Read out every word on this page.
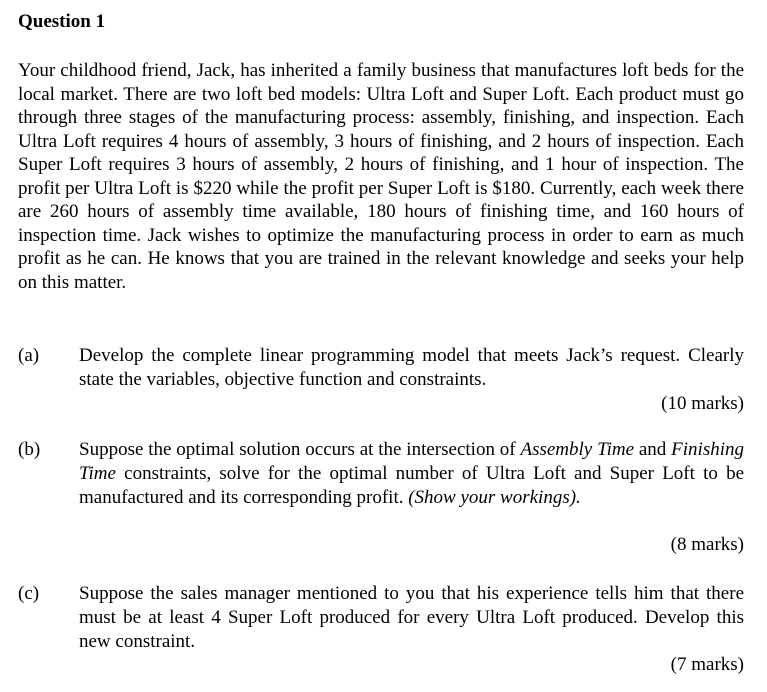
Question 1

Your childhood friend, Jack, has inherited a family business that manufactures loft beds for the local market. There are two loft bed models: Ultra Loft and Super Loft. Each product must go through three stages of the manufacturing process: assembly, finishing, and inspection. Each Ultra Loft requires 4 hours of assembly, 3 hours of finishing, and 2 hours of inspection. Each Super Loft requires 3 hours of assembly, 2 hours of finishing, and 1 hour of inspection. The profit per Ultra Loft is $220 while the profit per Super Loft is $180. Currently, each week there are 260 hours of assembly time available, 180 hours of finishing time, and 160 hours of inspection time. Jack wishes to optimize the manufacturing process in order to earn as much profit as he can. He knows that you are trained in the relevant knowledge and seeks your help on this matter.

(a) Develop the complete linear programming model that meets Jack’s request. Clearly state the variables, objective function and constraints.

(10 marks)
(b) Suppose the optimal solution occurs at the intersection of Assembly Time and Finishing Time constraints, solve for the optimal number of Ultra Loft and Super Loft to be manufactured and its corresponding profit. (Show your workings).

(8 marks)
(c) Suppose the sales manager mentioned to you that his experience tells him that there must be at least 4 Super Loft produced for every Ultra Loft produced. Develop this new constraint.

(7 marks)
